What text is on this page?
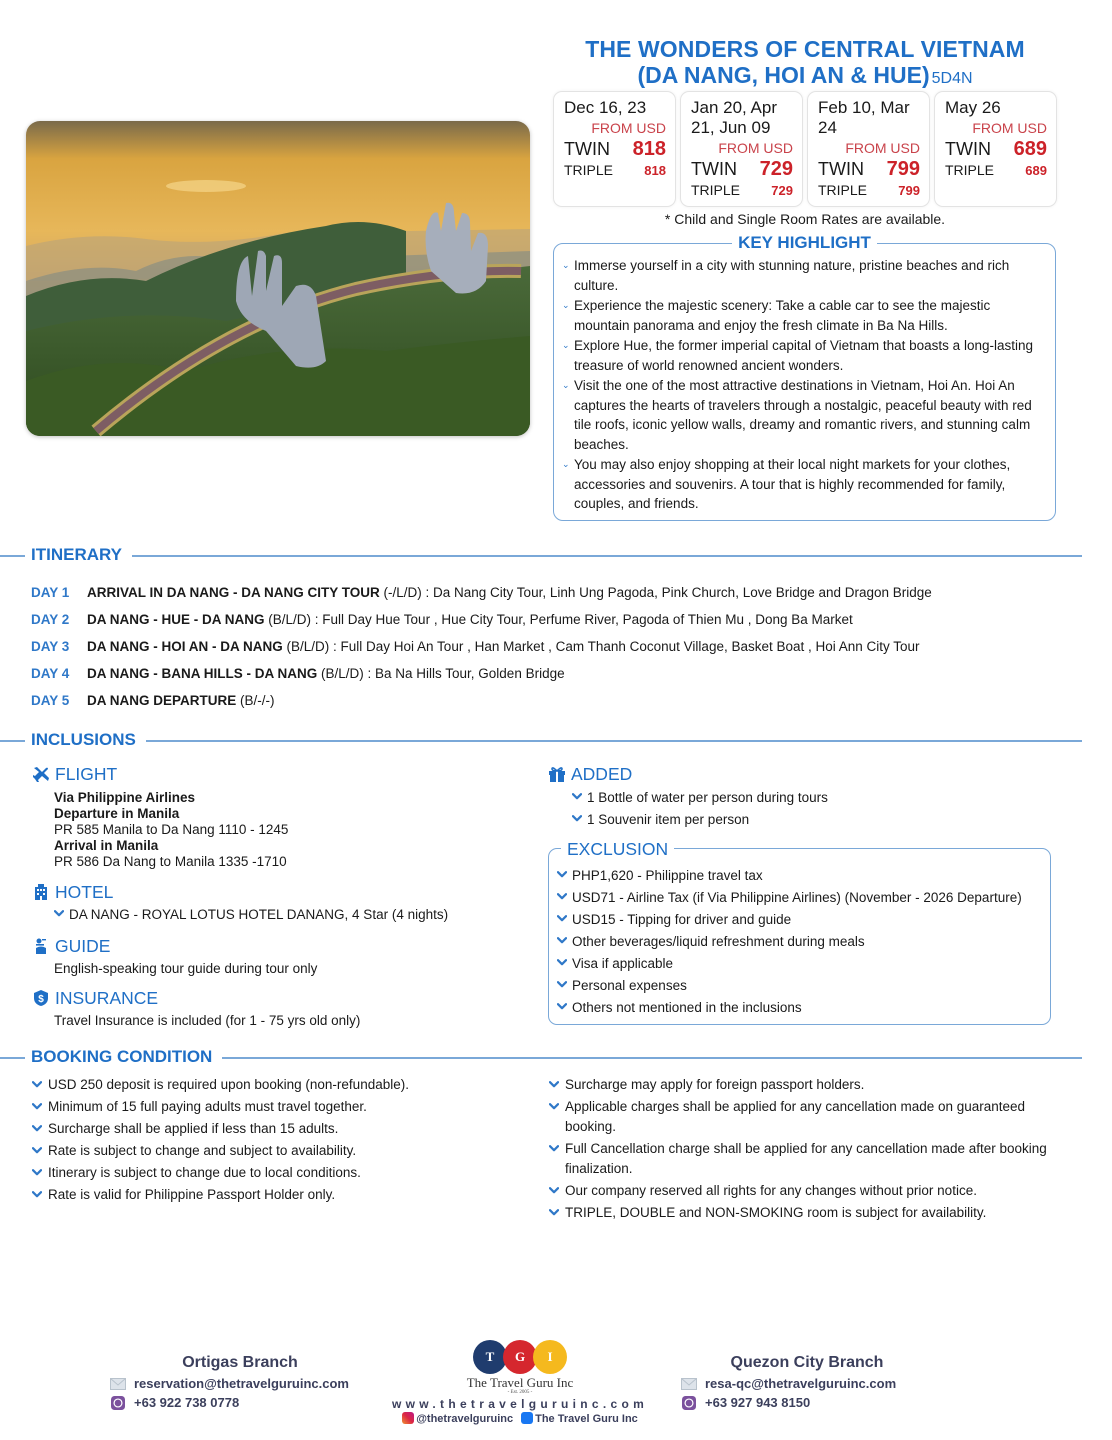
THE WONDERS OF CENTRAL VIETNAM
(DA NANG, HOI AN & HUE) 5D4N
Dec 16, 23
FROM USD
TWIN 818
TRIPLE 818
Jan 20, Apr 21, Jun 09
FROM USD
TWIN 729
TRIPLE 729
Feb 10, Mar 24
FROM USD
TWIN 799
TRIPLE 799
May 26
FROM USD
TWIN 689
TRIPLE 689
* Child and Single Room Rates are available.
KEY HIGHLIGHT
⌄ Immerse yourself in a city with stunning nature, pristine beaches and rich culture.
⌄ Experience the majestic scenery: Take a cable car to see the majestic mountain panorama and enjoy the fresh climate in Ba Na Hills.
⌄ Explore Hue, the former imperial capital of Vietnam that boasts a long-lasting treasure of world renowned ancient wonders.
⌄ Visit the one of the most attractive destinations in Vietnam, Hoi An. Hoi An captures the hearts of travelers through a nostalgic, peaceful beauty with red tile roofs, iconic yellow walls, dreamy and romantic rivers, and stunning calm beaches.
⌄ You may also enjoy shopping at their local night markets for your clothes, accessories and souvenirs. A tour that is highly recommended for family, couples, and friends.
ITINERARY
DAY 1	ARRIVAL IN DA NANG - DA NANG CITY TOUR (-/L/D) : Da Nang City Tour, Linh Ung Pagoda, Pink Church, Love Bridge and Dragon Bridge
DAY 2	DA NANG - HUE - DA NANG (B/L/D) : Full Day Hue Tour , Hue City Tour, Perfume River, Pagoda of Thien Mu , Dong Ba Market
DAY 3	DA NANG - HOI AN - DA NANG (B/L/D) : Full Day Hoi An Tour , Han Market , Cam Thanh Coconut Village, Basket Boat , Hoi Ann City Tour
DAY 4	DA NANG - BANA HILLS - DA NANG (B/L/D) : Ba Na Hills Tour, Golden Bridge
DAY 5	DA NANG DEPARTURE (B/-/-)
INCLUSIONS
FLIGHT
Via Philippine Airlines
Departure in Manila
PR 585 Manila to Da Nang 1110 - 1245
Arrival in Manila
PR 586 Da Nang to Manila 1335 -1710
HOTEL
DA NANG - ROYAL LOTUS HOTEL DANANG, 4 Star (4 nights)
GUIDE
English-speaking tour guide during tour only
$ INSURANCE
Travel Insurance is included (for 1 - 75 yrs old only)
ADDED
1 Bottle of water per person during tours
1 Souvenir item per person
EXCLUSION
PHP1,620 - Philippine travel tax
USD71 - Airline Tax (if Via Philippine Airlines) (November - 2026 Departure)
USD15 - Tipping for driver and guide
Other beverages/liquid refreshment during meals
Visa if applicable
Personal expenses
Others not mentioned in the inclusions
BOOKING CONDITION
USD 250 deposit is required upon booking (non-refundable).
Minimum of 15 full paying adults must travel together.
Surcharge shall be applied if less than 15 adults.
Rate is subject to change and subject to availability.
Itinerary is subject to change due to local conditions.
Rate is valid for Philippine Passport Holder only.
Surcharge may apply for foreign passport holders.
Applicable charges shall be applied for any cancellation made on guaranteed booking.
Full Cancellation charge shall be applied for any cancellation made after booking finalization.
Our company reserved all rights for any changes without prior notice.
TRIPLE, DOUBLE and NON-SMOKING room is subject for availability.
Ortigas Branch
reservation@thetravelguruinc.com
+63 922 738 0778
T	G	I
The Travel Guru Inc
- Est. 2005 -
www.thetravelguruinc.com
@thetravelguruinc	The Travel Guru Inc
Quezon City Branch
resa-qc@thetravelguruinc.com
+63 927 943 8150
